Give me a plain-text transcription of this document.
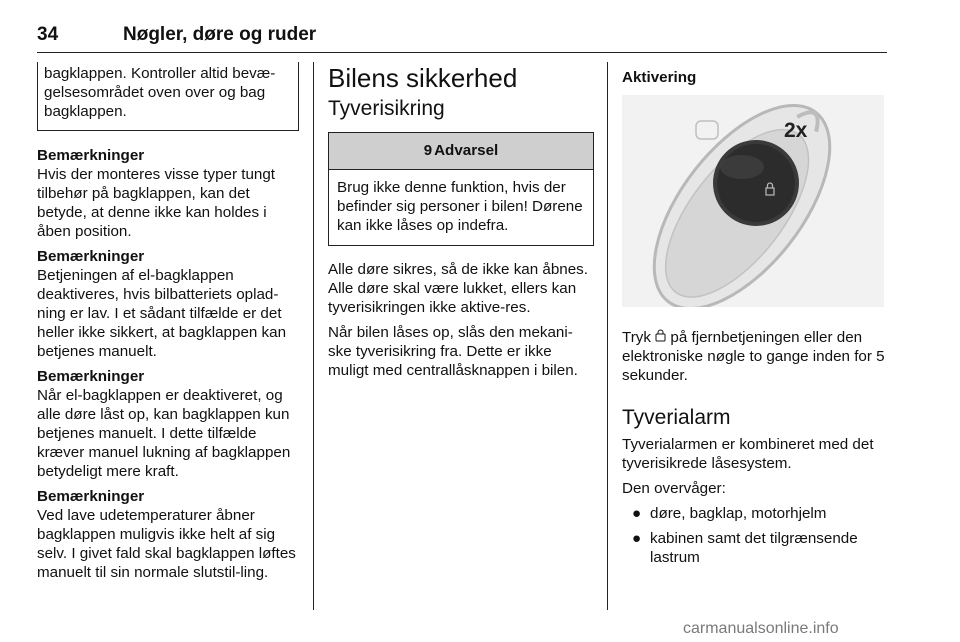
34	Nøgler, døre og ruder
bagklappen. Kontroller altid bevæ-gelsesområdet oven over og bag bagklappen.
Bemærkninger
Hvis der monteres visse typer tungt tilbehør på bagklappen, kan det betyde, at denne ikke kan holdes i åben position.
Bemærkninger
Betjeningen af el-bagklappen deaktiveres, hvis bilbatteriets oplad-ning er lav. I et sådant tilfælde er det heller ikke sikkert, at bagklappen kan betjenes manuelt.
Bemærkninger
Når el-bagklappen er deaktiveret, og alle døre låst op, kan bagklappen kun betjenes manuelt. I dette tilfælde kræver manuel lukning af bagklappen betydeligt mere kraft.
Bemærkninger
Ved lave udetemperaturer åbner bagklappen muligvis ikke helt af sig selv. I givet fald skal bagklappen løftes manuelt til sin normale slutstil-ling.
Bilens sikkerhed
Tyverisikring
9 Advarsel
Brug ikke denne funktion, hvis der befinder sig personer i bilen! Dørene kan ikke låses op indefra.

Alle døre sikres, så de ikke kan åbnes. Alle døre skal være lukket, ellers kan tyverisikringen ikke aktive-res.

Når bilen låses op, slås den mekani-ske tyverisikring fra. Dette er ikke muligt med centrallåsknappen i bilen.

Aktivering
2x

Tryk  på fjernbetjeningen eller den elektroniske nøgle to gange inden for 5 sekunder.

Tyverialarm

Tyverialarmen er kombineret med det tyverisikrede låsesystem.

Den overvåger:

● døre, bagklap, motorhjelm
● kabinen samt det tilgrænsende lastrum
carmanualsonline.info
